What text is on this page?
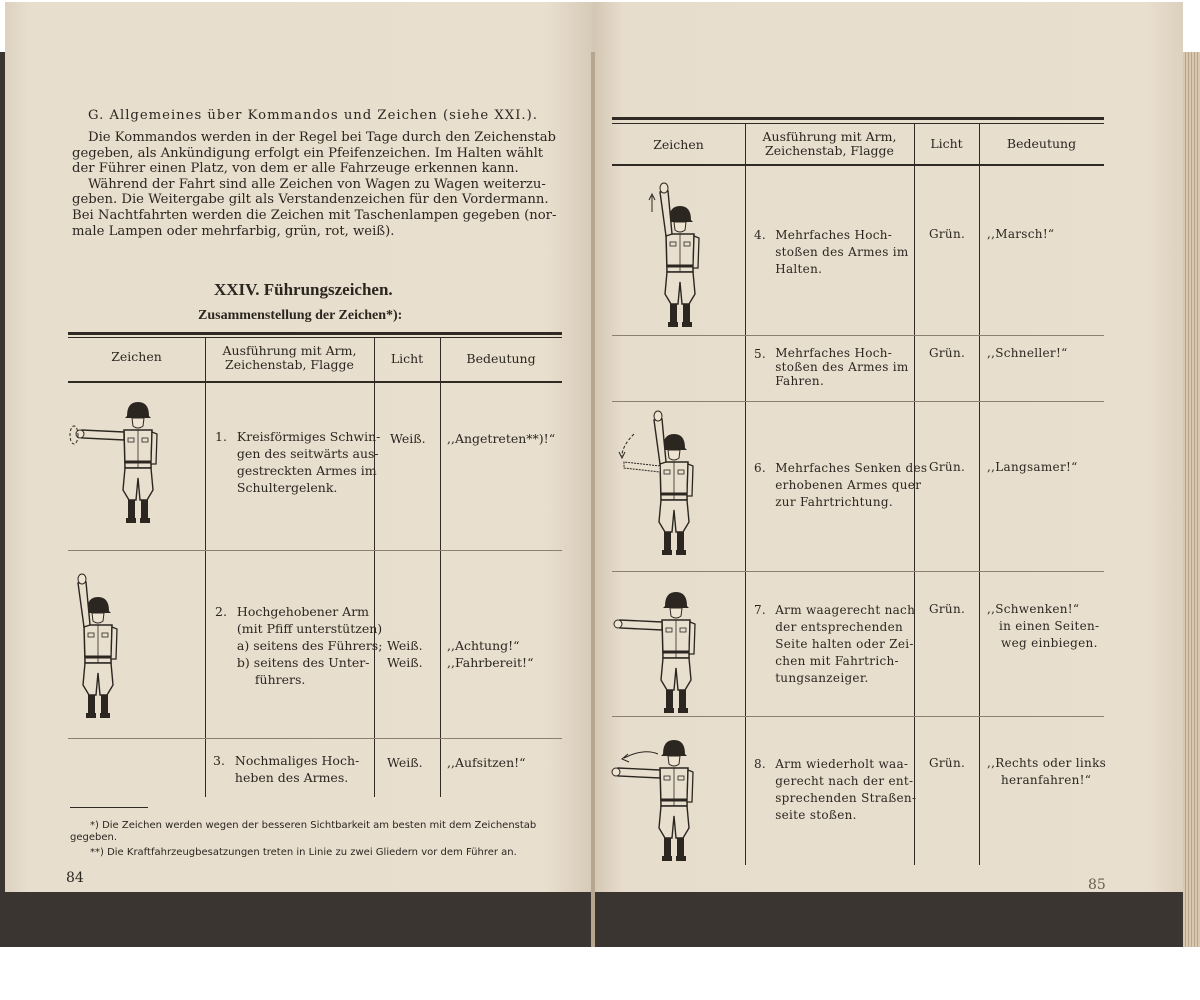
G. Allgemeines über Kommandos und Zeichen (siehe XXI.).

Die Kommandos werden in der Regel bei Tage durch den Zeichenstab
gegeben, als Ankündigung erfolgt ein Pfeifenzeichen. Im Halten wählt
der Führer einen Platz, von dem er alle Fahrzeuge erkennen kann.
Während der Fahrt sind alle Zeichen von Wagen zu Wagen weiterzu-
geben. Die Weitergabe gilt als Verstandenzeichen für den Vordermann.
Bei Nachtfahrten werden die Zeichen mit Taschenlampen gegeben (nor-
male Lampen oder mehrfarbig, grün, rot, weiß).

XXIV. Führungszeichen.

Zusammenstellung der Zeichen*):

Zeichen	Ausführung mit Arm,
Zeichenstab, Flagge	Licht	Bedeutung

1. Kreisförmiges Schwin-
gen des seitwärts aus-
gestreckten Armes im
Schultergelenk.

Weiß. ,,Angetreten**)!“

2. Hochgehobener Arm
(mit Pfiff unterstützen)
a) seitens des Führers;
b) seitens des Unter-
führers.
Weiß.
Weiß.
,,Achtung!“
,,Fahrbereit!“
3. Nochmaliges Hoch-
heben des Armes.

Weiß. ,,Aufsitzen!“

*) Die Zeichen werden wegen der besseren Sichtbarkeit am besten mit dem Zeichenstab
gegeben.
**) Die Kraftfahrzeugbesatzungen treten in Linie zu zwei Gliedern vor dem Führer an.

84

Zeichen

Ausführung mit Arm,
Zeichenstab, Flagge	Licht	Bedeutung

4. Mehrfaches Hoch-
stoßen des Armes im
Halten.

Grün. ,,Marsch!“

5. Mehrfaches Hoch-
stoßen des Armes im
Fahren.

Grün. ,,Schneller!“

6. Mehrfaches Senken des
erhobenen Armes quer
zur Fahrtrichtung.

Grün. ,,Langsamer!“

7. Arm waagerecht nach
der entsprechenden
Seite halten oder Zei-
chen mit Fahrtrich-
tungsanzeiger.

Grün. ,,Schwenken!“
in einen Seiten-
weg einbiegen.
8. Arm wiederholt waa-
gerecht nach der ent-
sprechenden Straßen-
seite stoßen.

Grün. ,,Rechts oder links
heranfahren!“

85
